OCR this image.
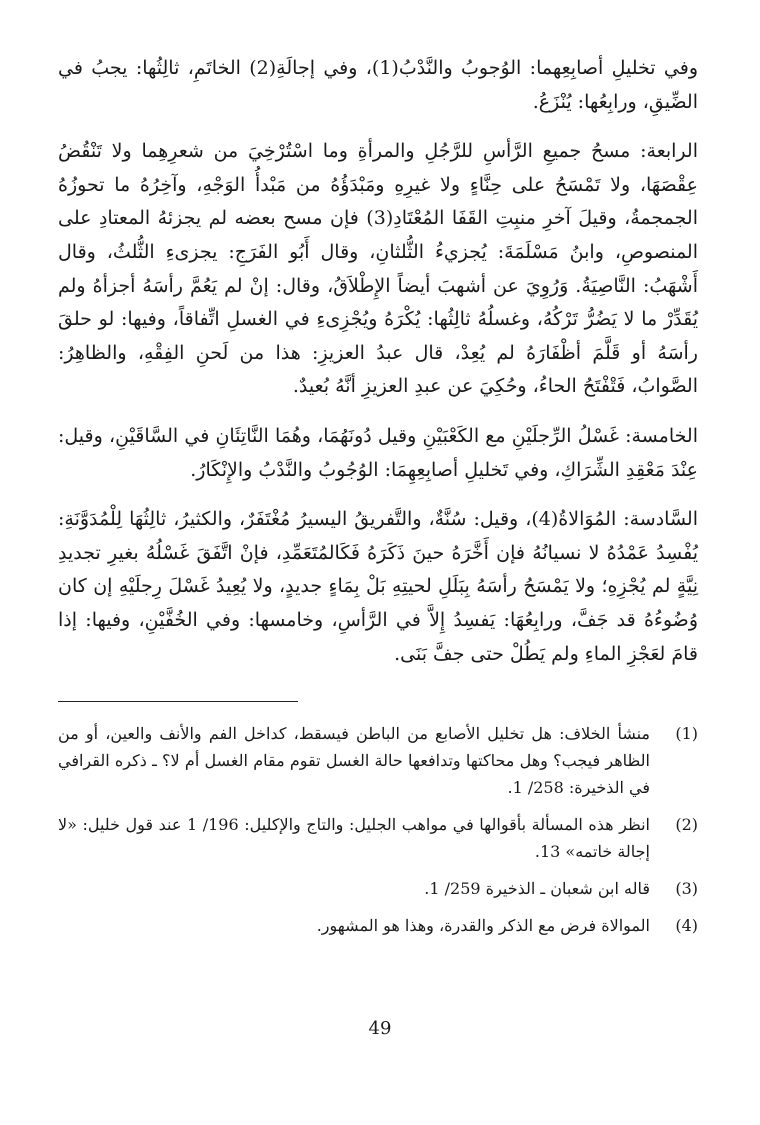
وفي تخليلِ أصابِعِهما: الوُجوبُ والنَّدْبُ(1)، وفي إجالَةِ(2) الخاتَمِ، ثالِثُها: يجبُ في الضِّيقِ، ورابِعُها: يُنْزَعُ.

الرابعة: مسحُ جميعِ الرَّأسِ للرَّجُلِ والمرأةِ وما اسْتُرْخِيَ من شعرِهِما ولا تَنْقُضُ عِقْصَهَا، ولا تَمْسَحُ على حِنَّاءٍ ولا غيرِهِ ومَبْدَؤُهُ من مَبْدأُ الوَجْهِ، وآخِرُهُ ما تحوزُهُ الجمجمةُ، وقيلَ آخرِ منبِتِ القَفَا المُعْتَادِ(3) فإن مسح بعضه لم يجزئهُ المعتادِ على المنصوصِ، وابنُ مَسْلَمَةَ: يُجزيءُ الثُّلثانِ، وقال أَبُو الفَرَجِ: يجزىءِ الثُّلثُ، وقال أَشْهَبُ: النَّاصِيَةُ. وَرُوِيَ عن أشهبَ أيضاً الإِطْلاَقُ، وقال: إنْ لم يَعُمَّ رأسَهُ أجزأهُ ولم يُقَدِّرْ ما لا يَضُرُّ تَرْكُهُ، وغسلُهُ ثالِثُها: يُكْرَهُ ويُجْزِىءِ في الغسلِ اتِّفاقاً، وفيها: لو حلقَ رأسَهُ أو قَلَّمَ أظْفَارَهُ لم يُعِدْ، قال عبدُ العزيزِ: هذا من لَحنِ الفِقْهِ، والظاهِرُ: الصَّوابُ، فَتْفْتَحُ الحاءُ، وحُكِيَ عن عبدِ العزيزِ أنَّهُ بُعيدٌ.

الخامسة: غَسْلُ الرِّجلَيْنِ مع الكَعْبَيْنِ وقيل دُونَهُمَا، وهُمَا النَّاتِئَانِ في السَّاقَيْنِ، وقيل: عِنْدَ مَعْقِدِ الشِّرَاكِ، وفي تَخليلِ أصابِعِهِمَا: الوُجُوبُ والنَّدْبُ والإِنْكَارُ.

السَّادسة: المُوَالاةُ(4)، وقيل: سُنَّةٌ، والتَّفريقُ اليسيرُ مُغْتَفَرٌ، والكثيرُ، ثالِثُهَا لِلْمُدَوَّنَةِ: يُفْسِدُ عَمْدُهُ لا نسيانُهُ فإن أَخَّرَهُ حينَ ذَكَرَهُ فَكَالمُتَعَمِّدِ، فإنْ اتَّفَقَ غَسْلُهُ بغيرِ تجديدِ نِيَّةٍ لم يُجْزِهِ؛ ولا يَمْسَحُ رأسَهُ بِبَلَلِ لحيتِهِ بَلْ بِمَاءٍ جديدٍ، ولا يُعِيدُ غَسْلَ رِجلَيْهِ إن كان وُضُوءُهُ قد جَفَّ، ورابِعُهَا: يَفسِدُ إِلاَّ في الرَّأسِ، وخامسها: وفي الخُفَّيْنِ، وفيها: إذا قامَ لعَجْزِ الماءِ ولم يَطُلْ حتى جفَّ بَنَى.

(1)
منشأ الخلاف: هل تخليل الأصابع من الباطن فيسقط، كداخل الفم والأنف والعين، أو من الظاهر فيجب؟ وهل محاكتها وتدافعها حالة الغسل تقوم مقام الغسل أم لا؟ ـ ذكره القرافي في الذخيرة: 258/ 1.
(2)
انظر هذه المسألة بأقوالها في مواهب الجليل: والتاج والإكليل: 196/ 1 عند قول خليل: «لا إجالة خاتمه» 13.
(3)
قاله ابن شعبان ـ الذخيرة 259/ 1.
(4)
الموالاة فرض مع الذكر والقدرة، وهذا هو المشهور.
49
